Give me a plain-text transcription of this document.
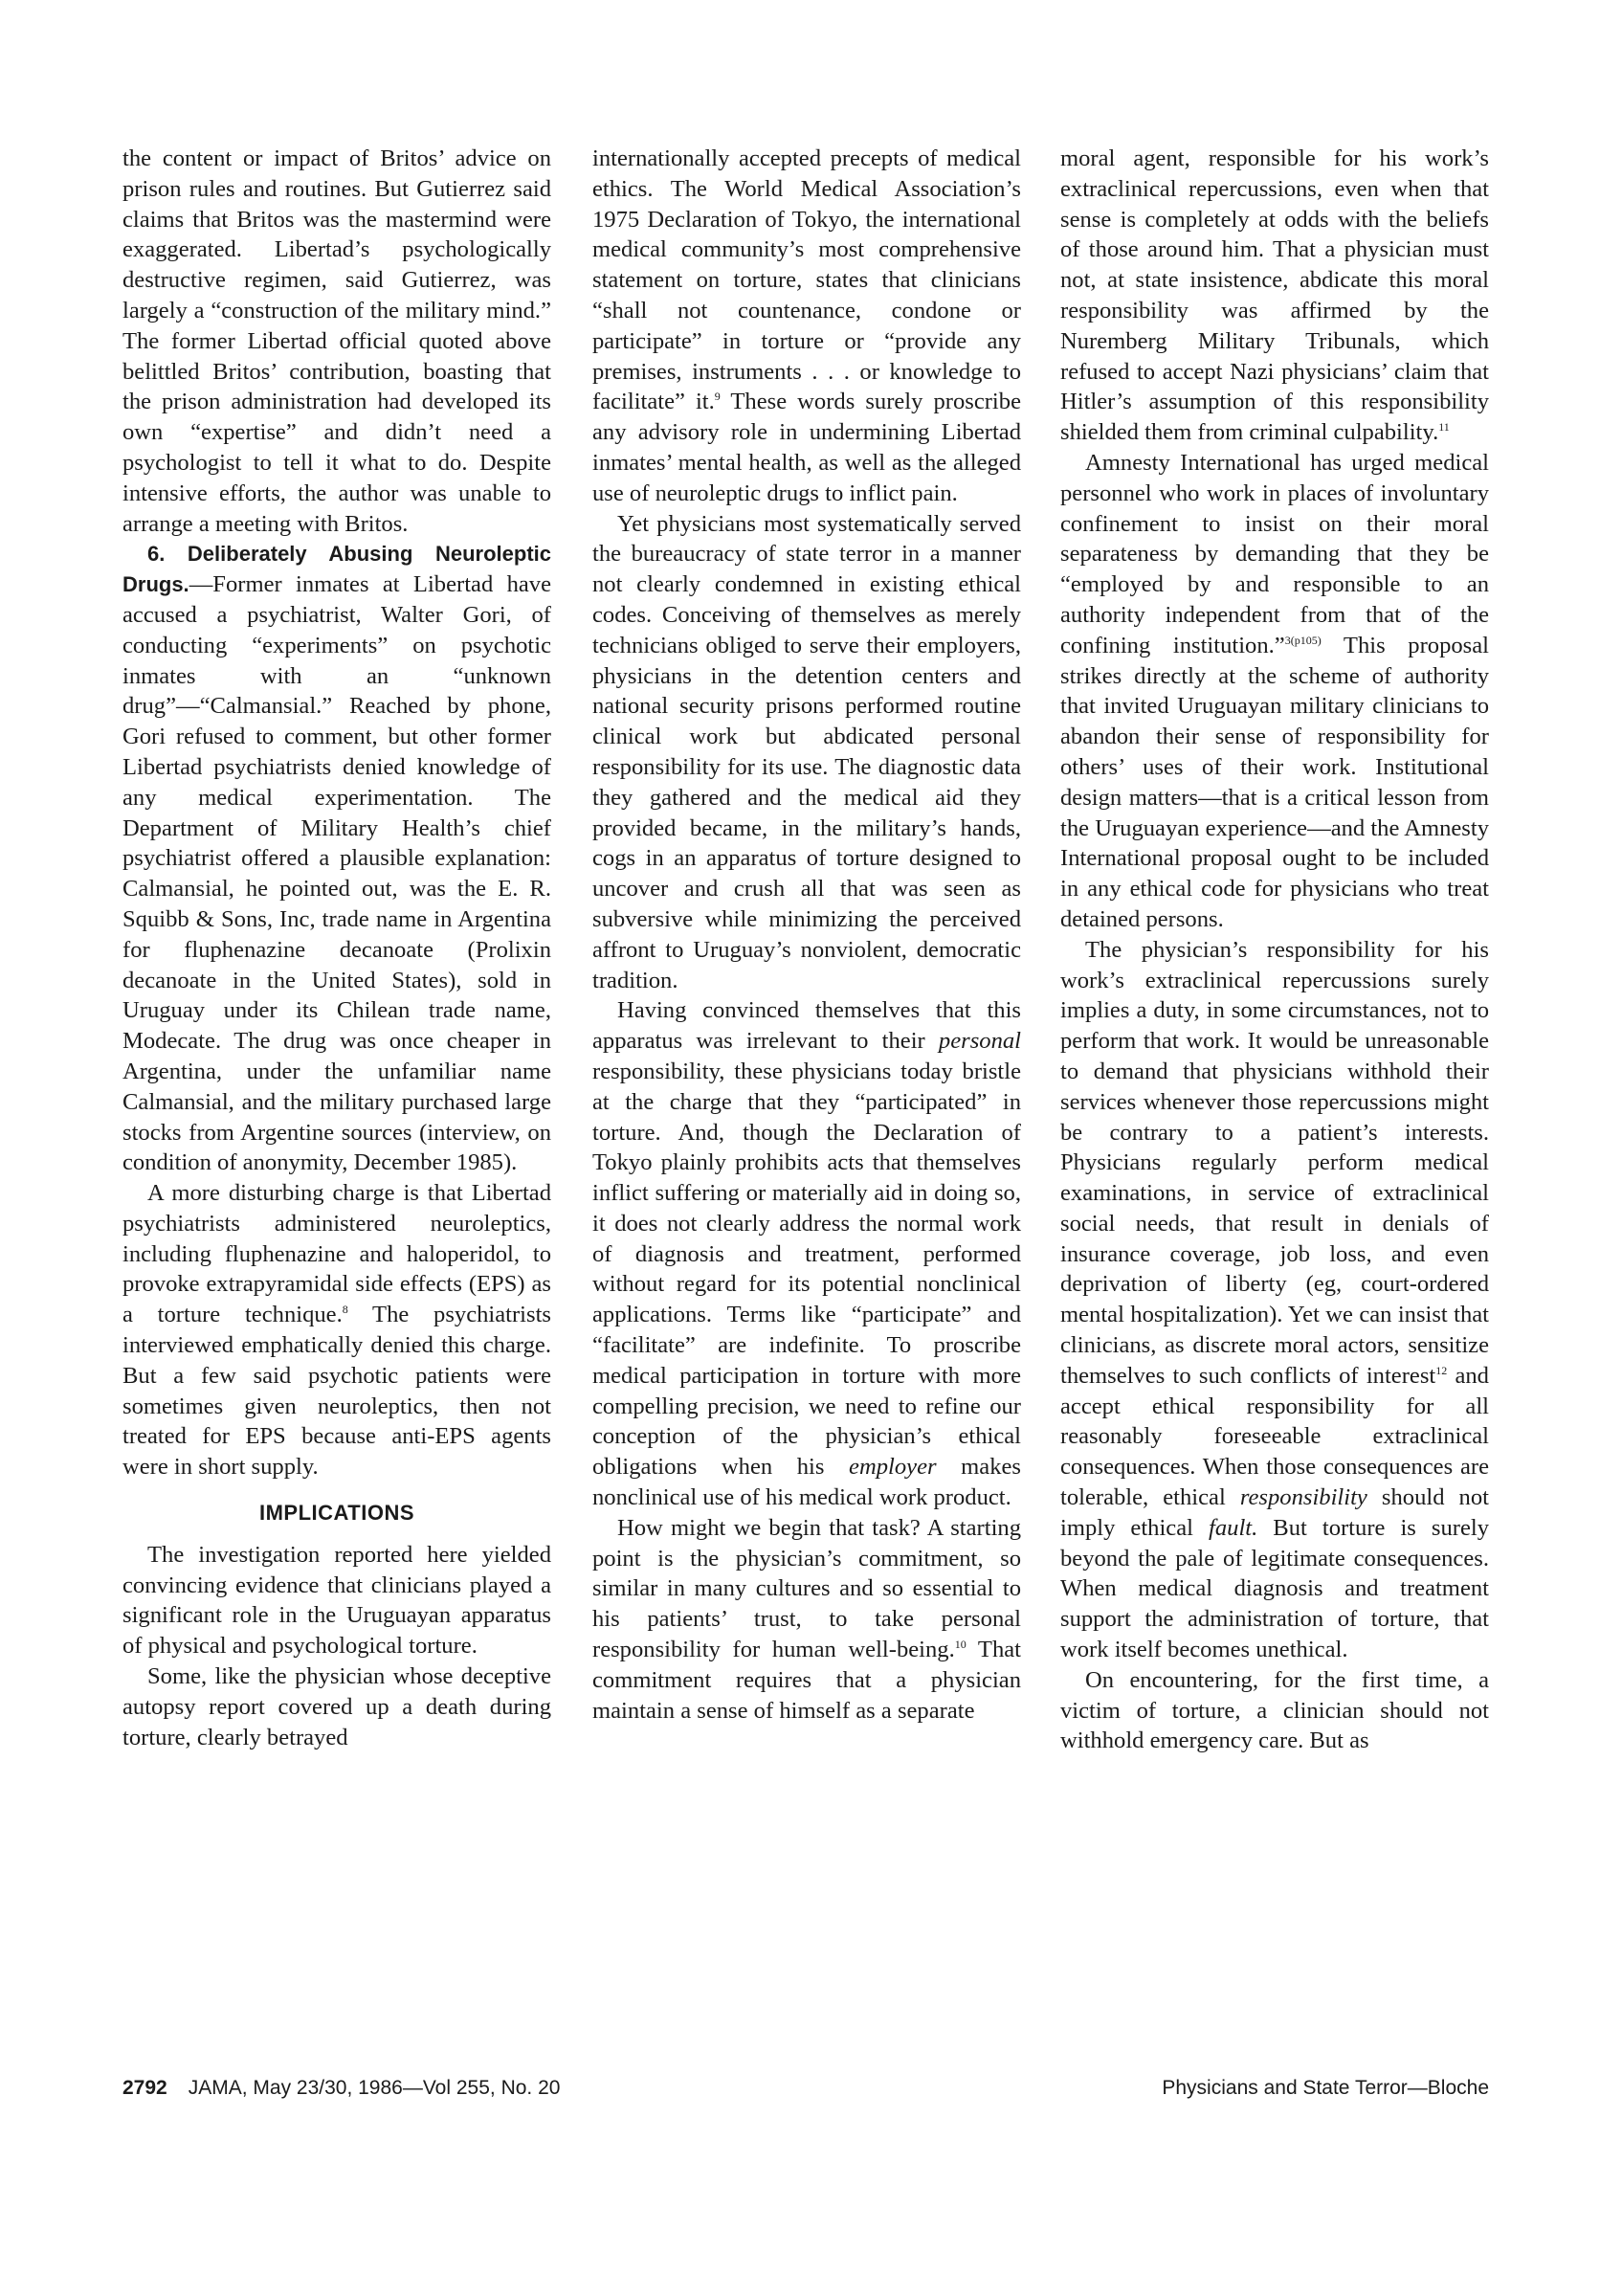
the content or impact of Britos’ advice on prison rules and routines. But Gutierrez said claims that Britos was the mastermind were exaggerated. Libertad’s psychologically destructive regimen, said Gutierrez, was largely a “construction of the military mind.” The former Libertad official quoted above belittled Britos’ contribution, boasting that the prison administration had developed its own “expertise” and didn’t need a psychologist to tell it what to do. Despite intensive efforts, the author was unable to arrange a meeting with Britos.

6. Deliberately Abusing Neuroleptic Drugs.—Former inmates at Libertad have accused a psychiatrist, Walter Gori, of conducting “experiments” on psychotic inmates with an “unknown drug”—“Calmansial.” Reached by phone, Gori refused to comment, but other former Libertad psychiatrists denied knowledge of any medical experimentation. The Department of Military Health’s chief psychiatrist offered a plausible explanation: Calmansial, he pointed out, was the E. R. Squibb & Sons, Inc, trade name in Argentina for fluphenazine decanoate (Prolixin decanoate in the United States), sold in Uruguay under its Chilean trade name, Modecate. The drug was once cheaper in Argentina, under the unfamiliar name Calmansial, and the military purchased large stocks from Argentine sources (interview, on condition of anonymity, December 1985).

A more disturbing charge is that Libertad psychiatrists administered neuroleptics, including fluphenazine and haloperidol, to provoke extrapyramidal side effects (EPS) as a torture technique.$^8$ The psychiatrists interviewed emphatically denied this charge. But a few said psychotic patients were sometimes given neuroleptics, then not treated for EPS because anti-EPS agents were in short supply.

IMPLICATIONS

The investigation reported here yielded convincing evidence that clinicians played a significant role in the Uruguayan apparatus of physical and psychological torture.

Some, like the physician whose deceptive autopsy report covered up a death during torture, clearly betrayed

internationally accepted precepts of medical ethics. The World Medical Association’s 1975 Declaration of Tokyo, the international medical community’s most comprehensive statement on torture, states that clinicians “shall not countenance, condone or participate” in torture or “provide any premises, instruments . . . or knowledge to facilitate” it.$^9$ These words surely proscribe any advisory role in undermining Libertad inmates’ mental health, as well as the alleged use of neuroleptic drugs to inflict pain.

Yet physicians most systematically served the bureaucracy of state terror in a manner not clearly condemned in existing ethical codes. Conceiving of themselves as merely technicians obliged to serve their employers, physicians in the detention centers and national security prisons performed routine clinical work but abdicated personal responsibility for its use. The diagnostic data they gathered and the medical aid they provided became, in the military’s hands, cogs in an apparatus of torture designed to uncover and crush all that was seen as subversive while minimizing the perceived affront to Uruguay’s nonviolent, democratic tradition.

Having convinced themselves that this apparatus was irrelevant to their personal responsibility, these physicians today bristle at the charge that they “participated” in torture. And, though the Declaration of Tokyo plainly prohibits acts that themselves inflict suffering or materially aid in doing so, it does not clearly address the normal work of diagnosis and treatment, performed without regard for its potential nonclinical applications. Terms like “participate” and “facilitate” are indefinite. To proscribe medical participation in torture with more compelling precision, we need to refine our conception of the physician’s ethical obligations when his employer makes nonclinical use of his medical work product.

How might we begin that task? A starting point is the physician’s commitment, so similar in many cultures and so essential to his patients’ trust, to take personal responsibility for human well-being.$^{10}$ That commitment requires that a physician maintain a sense of himself as a separate

moral agent, responsible for his work’s extraclinical repercussions, even when that sense is completely at odds with the beliefs of those around him. That a physician must not, at state insistence, abdicate this moral responsibility was affirmed by the Nuremberg Military Tribunals, which refused to accept Nazi physicians’ claim that Hitler’s assumption of this responsibility shielded them from criminal culpability.$^{11}$

Amnesty International has urged medical personnel who work in places of involuntary confinement to insist on their moral separateness by demanding that they be “employed by and responsible to an authority independent from that of the confining institution.”$^{3(p105)}$ This proposal strikes directly at the scheme of authority that invited Uruguayan military clinicians to abandon their sense of responsibility for others’ uses of their work. Institutional design matters—that is a critical lesson from the Uruguayan experience—and the Amnesty International proposal ought to be included in any ethical code for physicians who treat detained persons.

The physician’s responsibility for his work’s extraclinical repercussions surely implies a duty, in some circumstances, not to perform that work. It would be unreasonable to demand that physicians withhold their services whenever those repercussions might be contrary to a patient’s interests. Physicians regularly perform medical examinations, in service of extraclinical social needs, that result in denials of insurance coverage, job loss, and even deprivation of liberty (eg, court-ordered mental hospitalization). Yet we can insist that clinicians, as discrete moral actors, sensitize themselves to such conflicts of interest$^{12}$ and accept ethical responsibility for all reasonably foreseeable extraclinical consequences. When those consequences are tolerable, ethical responsibility should not imply ethical fault. But torture is surely beyond the pale of legitimate consequences. When medical diagnosis and treatment support the administration of torture, that work itself becomes unethical.

On encountering, for the first time, a victim of torture, a clinician should not withhold emergency care. But as

2792 JAMA, May 23/30, 1986—Vol 255, No. 20	Physicians and State Terror—Bloche
